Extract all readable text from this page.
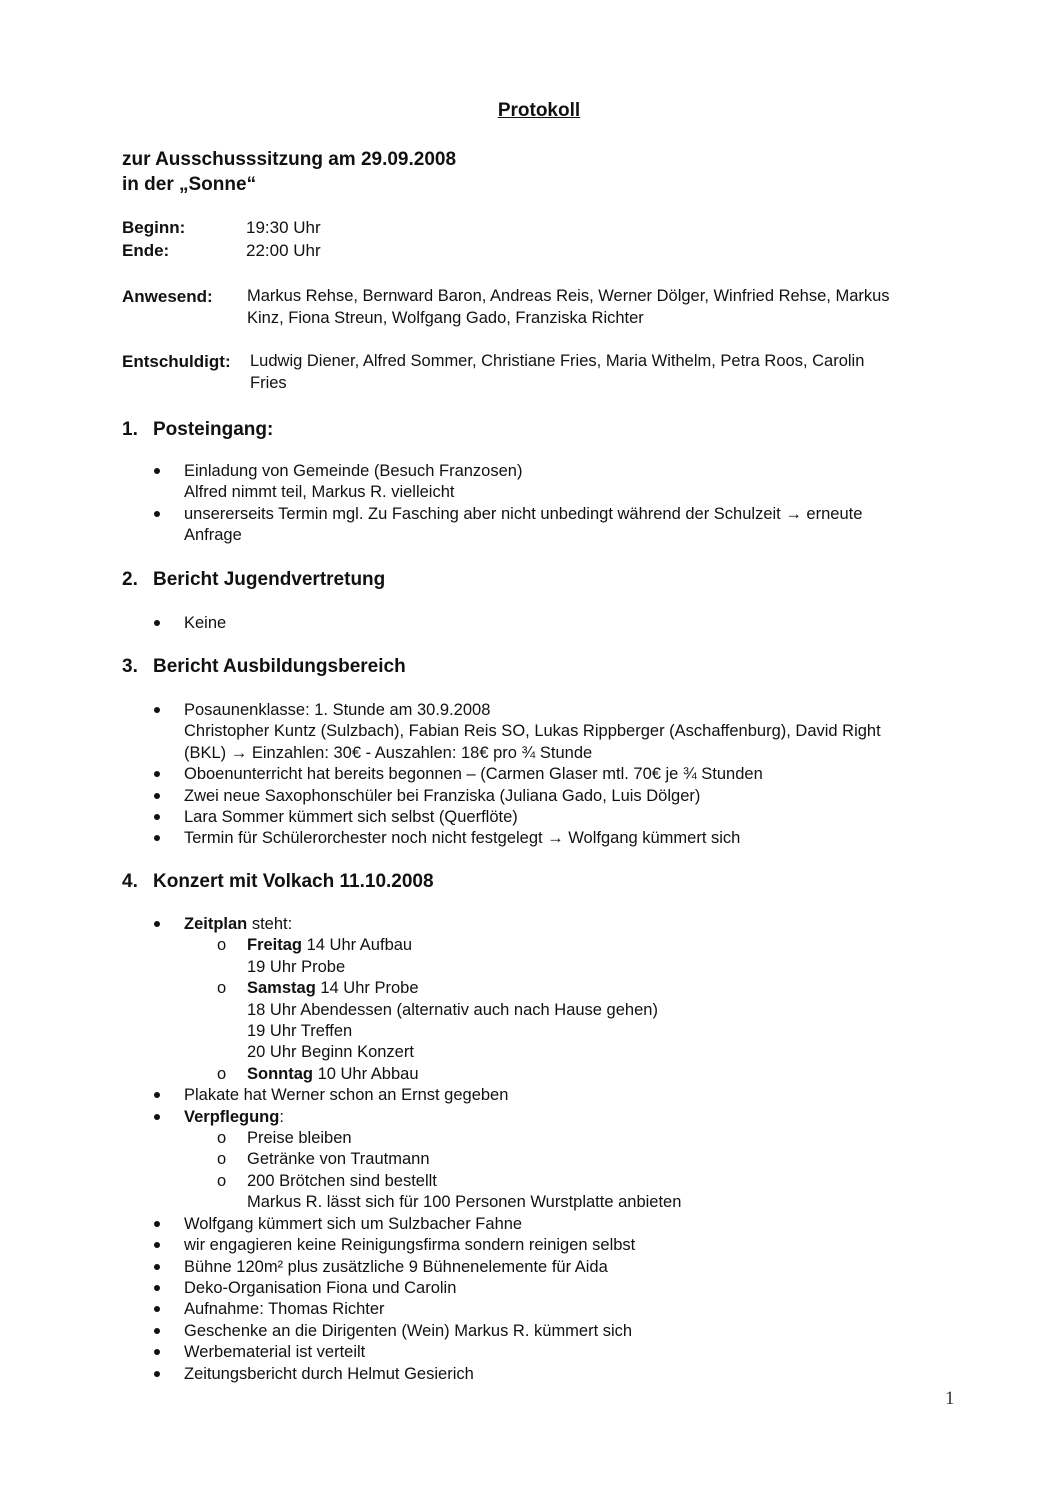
Protokoll
zur Ausschusssitzung am 29.09.2008
in der „Sonne“
Beginn:	19:30 Uhr
Ende:	22:00 Uhr
Anwesend: Markus Rehse, Bernward Baron, Andreas Reis, Werner Dölger, Winfried Rehse, Markus
Kinz, Fiona Streun, Wolfgang Gado, Franziska Richter
Entschuldigt: Ludwig Diener, Alfred Sommer, Christiane Fries, Maria Withelm, Petra Roos, Carolin
Fries
1. Posteingang:
Einladung von Gemeinde (Besuch Franzosen)
Alfred nimmt teil, Markus R. vielleicht
unsererseits Termin mgl. Zu Fasching aber nicht unbedingt während der Schulzeit → erneute
Anfrage
2. Bericht Jugendvertretung
Keine
3. Bericht Ausbildungsbereich
Posaunenklasse: 1. Stunde am 30.9.2008
Christopher Kuntz (Sulzbach), Fabian Reis SO, Lukas Rippberger (Aschaffenburg), David Right
(BKL) → Einzahlen: 30€ - Auszahlen: 18€ pro ¾ Stunde
Oboenunterricht hat bereits begonnen – (Carmen Glaser mtl. 70€ je ¾ Stunden
Zwei neue Saxophonschüler bei Franziska (Juliana Gado, Luis Dölger)
Lara Sommer kümmert sich selbst (Querflöte)
Termin für Schülerorchester noch nicht festgelegt → Wolfgang kümmert sich
4. Konzert mit Volkach 11.10.2008
Zeitplan steht:
o Freitag 14 Uhr Aufbau
19 Uhr Probe
o Samstag 14 Uhr Probe
18 Uhr Abendessen (alternativ auch nach Hause gehen)
19 Uhr Treffen
20 Uhr Beginn Konzert
o Sonntag 10 Uhr Abbau
Plakate hat Werner schon an Ernst gegeben
Verpflegung:
o Preise bleiben
o Getränke von Trautmann
o 200 Brötchen sind bestellt
Markus R. lässt sich für 100 Personen Wurstplatte anbieten
Wolfgang kümmert sich um Sulzbacher Fahne
wir engagieren keine Reinigungsfirma sondern reinigen selbst
Bühne 120m² plus zusätzliche 9 Bühnenelemente für Aida
Deko-Organisation Fiona und Carolin
Aufnahme: Thomas Richter
Geschenke an die Dirigenten (Wein) Markus R. kümmert sich
Werbematerial ist verteilt
Zeitungsbericht durch Helmut Gesierich
1
